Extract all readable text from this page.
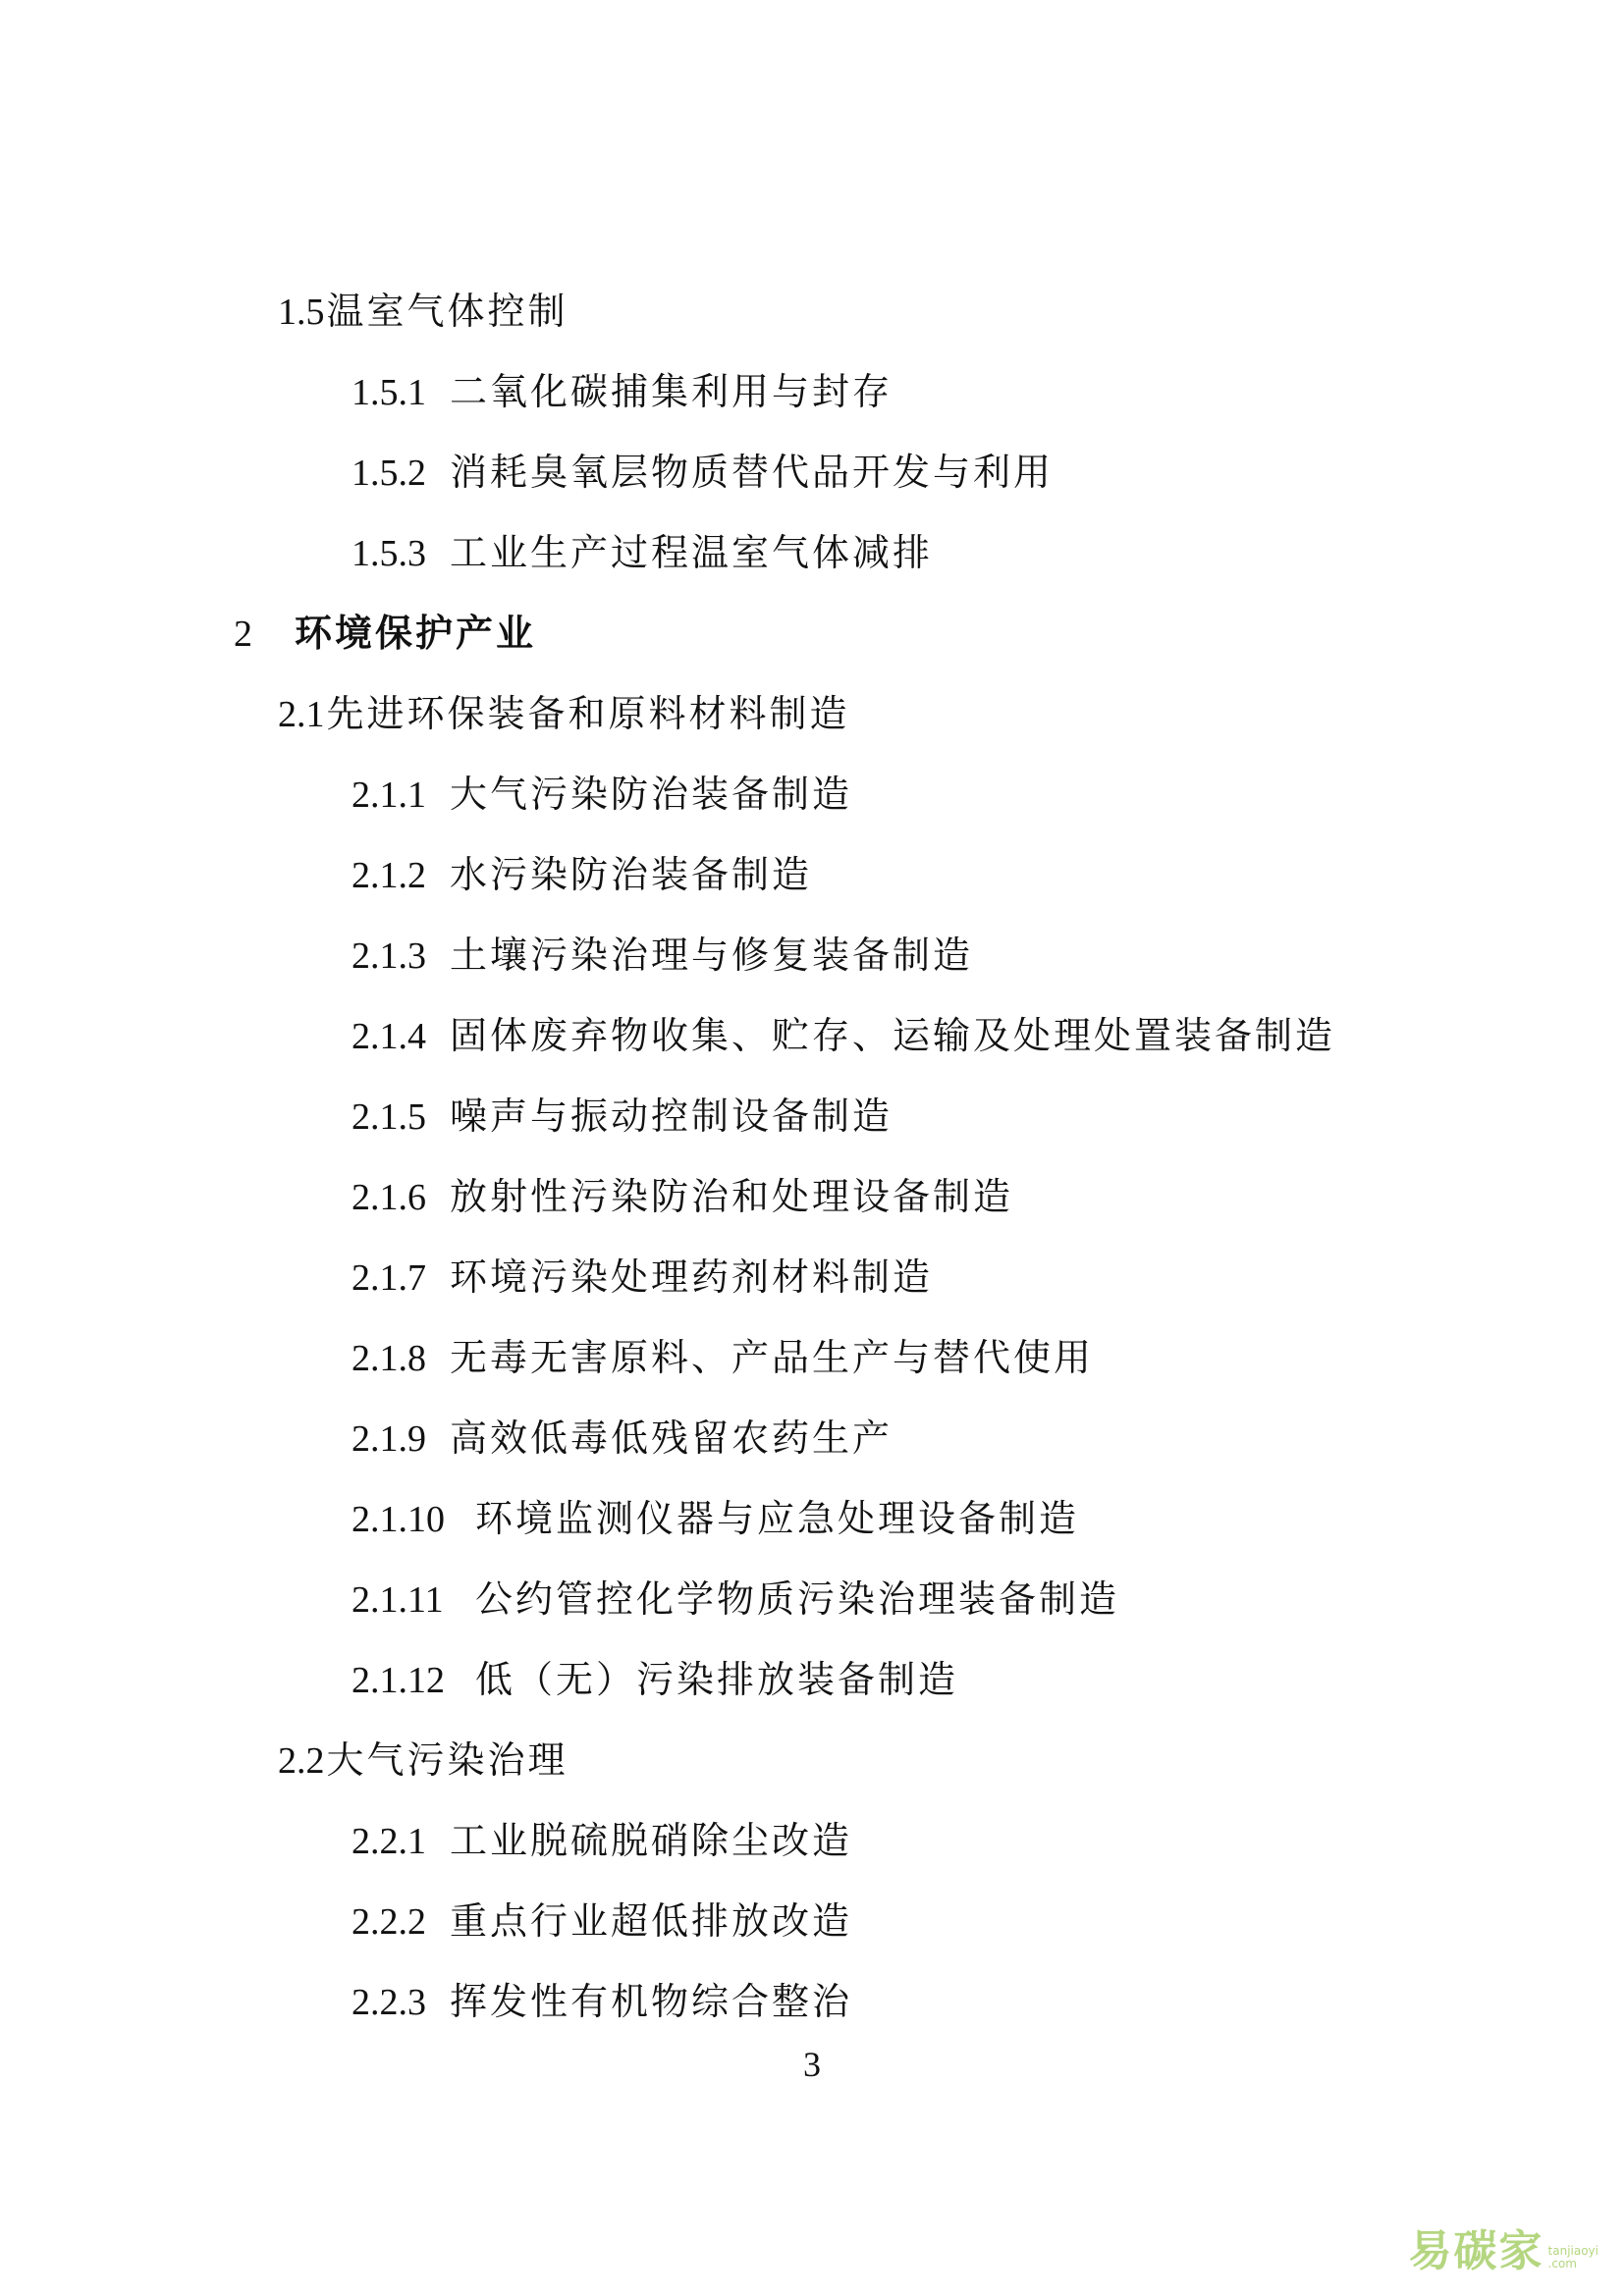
1.5温室气体控制
1.5.1 二氧化碳捕集利用与封存
1.5.2 消耗臭氧层物质替代品开发与利用
1.5.3 工业生产过程温室气体减排
2 环境保护产业
2.1先进环保装备和原料材料制造
2.1.1 大气污染防治装备制造
2.1.2 水污染防治装备制造
2.1.3 土壤污染治理与修复装备制造
2.1.4 固体废弃物收集、贮存、运输及处理处置装备制造
2.1.5 噪声与振动控制设备制造
2.1.6 放射性污染防治和处理设备制造
2.1.7 环境污染处理药剂材料制造
2.1.8 无毒无害原料、产品生产与替代使用
2.1.9 高效低毒低残留农药生产
2.1.10 环境监测仪器与应急处理设备制造
2.1.11 公约管控化学物质污染治理装备制造
2.1.12 低（无）污染排放装备制造
2.2大气污染治理
2.2.1 工业脱硫脱硝除尘改造
2.2.2 重点行业超低排放改造
2.2.3 挥发性有机物综合整治
3
易碳家 tanjiaoyi
.com
